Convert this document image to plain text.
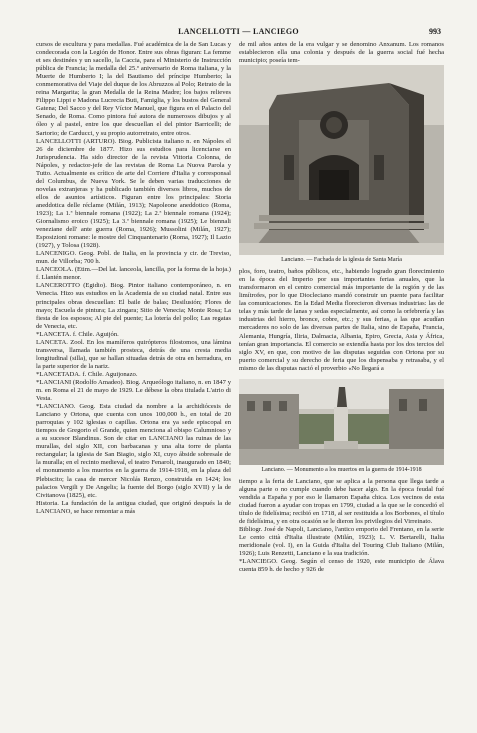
LANCELLOTTI — LANCIEGO	993

cursos de escultura y para medallas. Fué académica de la de San Lucas y condecorada con la Legión de Honor. Entre sus obras figuran: La femme et ses destinées y un sacello, la Caccia, para el Ministerio de Instrucción pública de Francia; la medalla del 25.º aniversario de Roma italiana, y la Muerte de Humberto I; la del Bautismo del príncipe Humberto; la conmemorativa del Viaje del duque de los Abruzzos al Polo; Retrato de la reina Margarita; la gran Medalla de la Reina Madre; los bajos relieves Filippo Lippi e Madona Lucrecia Buti, Famiglia, y los bustos del General Gatena; Del Sacco y del Rey Víctor Manuel, que figura en el Palacio del Senado, de Roma. Como pintora fué autora de numerosos dibujos y al óleo y al pastel, entre los que descuellan el del pintor Barricelli; de Sartorio; de Carducci, y su propio autorretrato, entre otros.

LANCELLOTTI (ARTURO). Biog. Publicista italiano n. en Nápoles el 26 de diciembre de 1877. Hizo sus estudios para licenciarse en Jurisprudencia. Ha sido director de la revista Vittoria Colonna, de Nápoles, y redactor-jefe de las revistas de Roma La Nuova Parola y Tutto. Actualmente es crítico de arte del Corriere d'Italia y corresponsal del Columbus, de Nueva York. Se le deben varias traducciones de novelas extranjeras y ha publicado también diversos libros, muchos de ellos de asuntos artísticos. Figuran entre los principales: Storia aneddotica delle réclame (Milán, 1913); Napoleone aneddotico (Roma, 1923); La 1.ª biennale romana (1922); La 2.ª biennale romana (1924); Giornalismo eroico (1925); La 3.ª biennale romana (1925); Le biennali veneziane dell' ante guerra (Roma, 1926); Mussolini (Milán, 1927); Esposizioni romane: le mostre del Cinquantenario (Roma, 1927); Il Lazio (1927), y Tolosa (1928).

LANCENIGO. Geog. Pobl. de Italia, en la provincia y cir. de Treviso, mun. de Villorba; 700 h.

LANCEOLA. (Etim.—Del lat. lanceola, lancilla, por la forma de la hoja.) f. Llantén menor.

LANCEROTTO (Egidio). Biog. Pintor italiano contemporáneo, n. en Venecia. Hizo sus estudios en la Academia de su ciudad natal. Entre sus principales obras descuellan: El baile de balas; Desilusión; Flores de mayo; Escuela de pintura; La zingara; Sitio de Venecia; Monte Rosa; La fiesta de los esposos; Al pie del puente; La lotería del pollo; Las regatas de Venecia, etc.

*LANCETA. f. Chile. Aguijón.

LANCETA. Zool. En los mamíferos quirópteros filostomos, una lámina transversa, llamada también prosteca, detrás de una cresta media longitudinal (silla), que se hallan situadas detrás de otra en herradura, en la parte superior de la nariz.

*LANCETADA. f. Chile. Aguijonazo.

*LANCIANI (Rodolfo Amadeo). Biog. Arqueólogo italiano, n. en 1847 y m. en Roma el 21 de mayo de 1929. Le débese la obra titulada L'atrio di Vesta.

*LANCIANO. Geog. Esta ciudad da nombre a la archidiócesis de Lanciano y Ortona, que cuenta con unos 100,000 h., en total de 20 parroquias y 102 iglesias o capillas. Ortona era ya sede episcopal en tiempos de Gregorio el Grande, quien menciona al obispo Calumnioso y a su sucesor Blandinus. Son de citar en LANCIANO las ruinas de las murallas, del siglo XII, con barbacanas y una alta torre de planta rectangular; la iglesia de San Biagio, siglo XI, cuyo ábside sobresale de la muralla; en el recinto medieval, el teatro Fenaroli, inaugurado en 1840; el monumento a los muertos en la guerra de 1914-1918, en la plaza del Plebiscito; la casa de mercer Nicolás Renzo, construida en 1424; los palacios Vergili y De Angelis; la fuente del Borgo (siglo XVII) y la de Civitanova (1825), etc.

Historia. La fundación de la antigua ciudad, que originó después la de LANCIANO, se hace remontar a más

de mil años antes de la era vulgar y se denomino Anxanum. Los romanos establecieron ella una colonia y después de la guerra social fué hecha municipio; poseía tem-

Lanciano. — Fachada de la iglesia de Santa María

plos, foro, teatro, baños públicos, etc., habiendo logrado gran florecimiento en la época del Imperio por sus importantes ferias anuales, que la transformaron en el centro comercial más importante de la región y de las limítrofes, por lo que Diocleciano mandó construir un puente para facilitar las comunicaciones. En la Edad Media florecieron diversas industrias: las de telas y más tarde de lanas y sedas especialmente, así como la orfebrería y las industrias del hierro, bronce, cobre, etc.; y sus ferias, a las que acudían mercaderes no solo de las diversas partes de Italia, sino de España, Francia, Alemania, Hungría, Iliria, Dalmacia, Albania, Epiro, Grecia, Asia y África, tenían gran importancia. El comercio se extendía hasta por los dos tercios del siglo XV, en que, con motivo de las disputas seguidas con Ortona por su puerto comercial y su derecho de feria que los dispensaba y retrasaba, y el mismo de las disputas nació el proverbio «No llegará a

Lanciano. — Monumento a los muertos en la guerra de 1914-1918

tiempo a la feria de Lanciano, que se aplica a la persona que llega tarde a alguna parte o no cumple cuando debe hacer algo. En la época feudal fué vendida a España y por eso le llamaron España chica. Los vecinos de esta ciudad fueron a ayudar con tropas en 1799, ciudad a la que se le concedió el título de fidelísima; recibió en 1718, al ser restituida a los Borbones, el título de fidelísima, y en otra ocasión se le dieron los privilegios del Virreinato.

Bibliogr. José de Napoli, Lanciano, l'antico emporio del Frentano, en la serie Le cento città d'Italia illustrate (Milán, 1923); L. V. Bertarelli, Italia meridionale (vol. I), en la Guida d'Italia del Touring Club Italiano (Milán, 1926); Luis Renzetti, Lanciano e la sua tradición.

*LANCIEGO. Geog. Según el censo de 1920, este municipio de Álava cuenta 859 h. de hecho y 926 de
